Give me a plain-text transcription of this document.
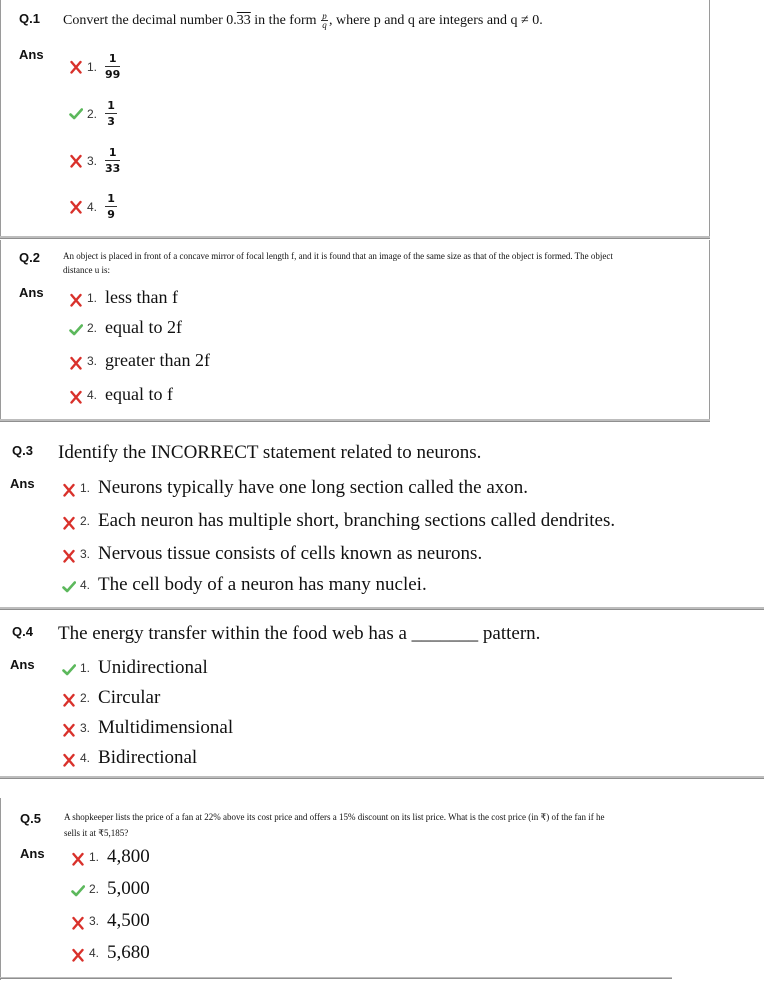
Q.1 Convert the decimal number 0. 33 in the form p
q , where p and q are integers and q ≠ 0.
Ans
1. $\frac{1}{99}$
2. $\frac{1}{3}$
3. $\frac{1}{33}$
4. $\frac{1}{9}$
Q.2	An object is placed in front of a concave mirror of focal length f, and it is found that an image of the same size as that of the object is formed. The object distance u is:
Ans	1. less than f
2. equal to 2f
3. greater than 2f
4. equal to f
Q.3 Identify the INCORRECT statement related to neurons.
Ans	1. Neurons typically have one long section called the axon.
2. Each neuron has multiple short, branching sections called dendrites.
3. Nervous tissue consists of cells known as neurons.
4. The cell body of a neuron has many nuclei.
Q.4 The energy transfer within the food web has a _______ pattern.
Ans	1. Unidirectional
2. Circular
3. Multidimensional
4. Bidirectional
Q.5	A shopkeeper lists the price of a fan at 22% above its cost price and offers a 15% discount on its list price. What is the cost price (in ₹) of the fan if he sells it at ₹5,185?
Ans	1. 4,800
2. 5,000
3. 4,500
4. 5,680
